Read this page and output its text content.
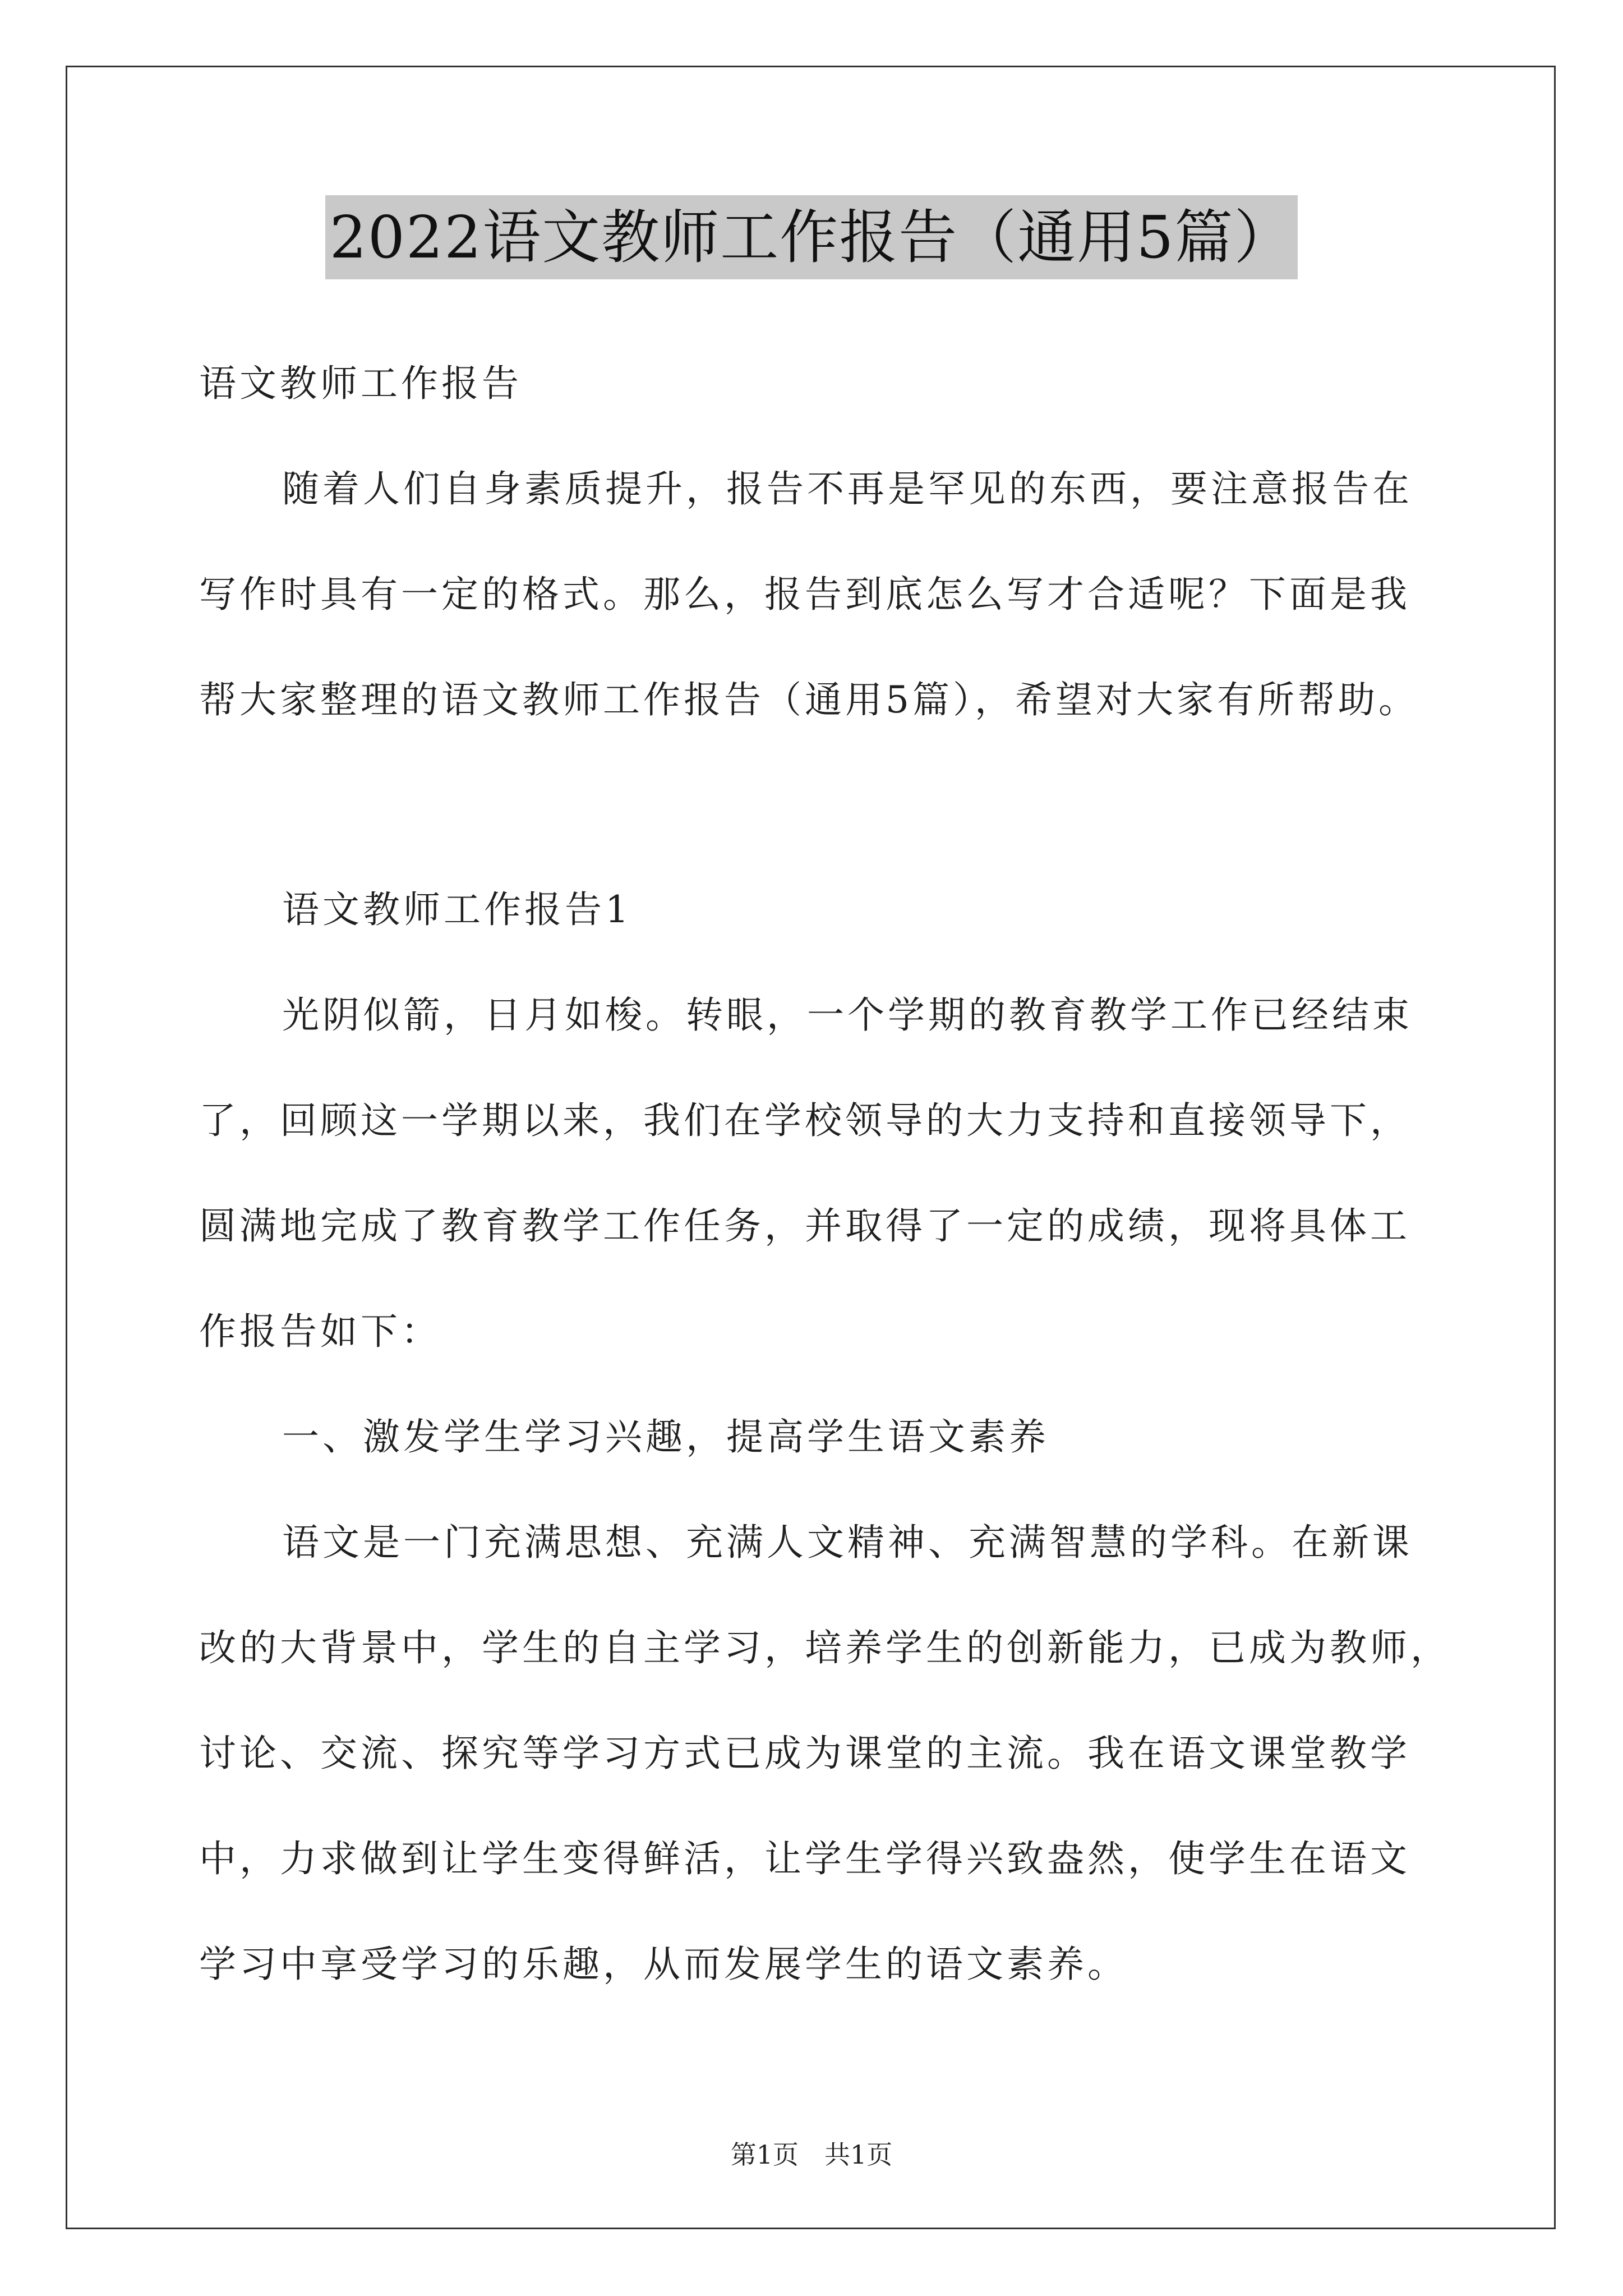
2022语文教师工作报告（通用5篇）
语文教师工作报告
随着人们自身素质提升，报告不再是罕见的东西，要注意报告在
写作时具有一定的格式。那么，报告到底怎么写才合适呢？下面是我
帮大家整理的语文教师工作报告（通用5篇），希望对大家有所帮助。
语文教师工作报告1
光阴似箭，日月如梭。转眼，一个学期的教育教学工作已经结束
了，回顾这一学期以来，我们在学校领导的大力支持和直接领导下，
圆满地完成了教育教学工作任务，并取得了一定的成绩，现将具体工
作报告如下：
一、激发学生学习兴趣，提高学生语文素养
语文是一门充满思想、充满人文精神、充满智慧的学科。在新课
改的大背景中，学生的自主学习，培养学生的创新能力，已成为教师，
讨论、交流、探究等学习方式已成为课堂的主流。我在语文课堂教学
中，力求做到让学生变得鲜活，让学生学得兴致盎然，使学生在语文
学习中享受学习的乐趣，从而发展学生的语文素养。
第1页　共1页
